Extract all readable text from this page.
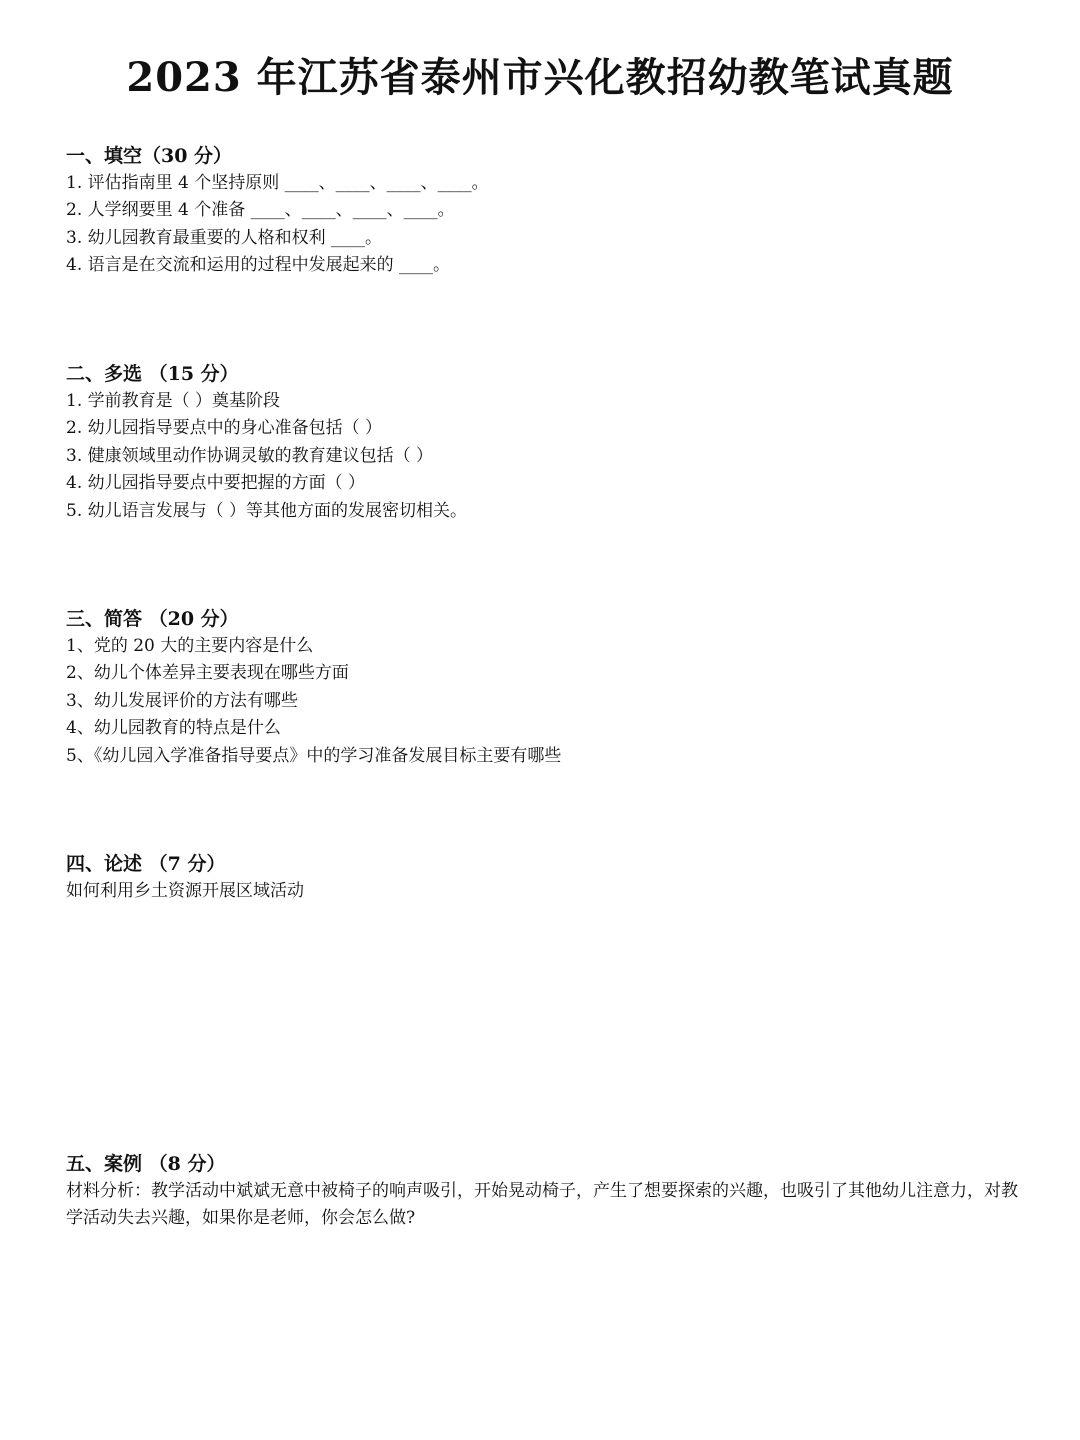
2023 年江苏省泰州市兴化教招幼教笔试真题
一、填空（30 分）
1. 评估指南里 4 个坚持原则 ____、____、____、____。
2. 人学纲要里 4 个准备 ____、____、____、____。
3. 幼儿园教育最重要的人格和权利 ____。
4. 语言是在交流和运用的过程中发展起来的 ____。
二、多选 （15 分）
1. 学前教育是（ ）奠基阶段
2. 幼儿园指导要点中的身心准备包括（ ）
3. 健康领域里动作协调灵敏的教育建议包括（ ）
4. 幼儿园指导要点中要把握的方面（ ）
5. 幼儿语言发展与（ ）等其他方面的发展密切相关。
三、简答 （20 分）
1、党的 20 大的主要内容是什么
2、幼儿个体差异主要表现在哪些方面
3、幼儿发展评价的方法有哪些
4、幼儿园教育的特点是什么
5、《幼儿园入学准备指导要点》中的学习准备发展目标主要有哪些
四、论述 （7 分）
如何利用乡土资源开展区域活动
五、案例 （8 分）
材料分析：教学活动中斌斌无意中被椅子的响声吸引，开始晃动椅子，产生了想要探索的兴趣，也吸引了其他幼儿注意力，对教学活动失去兴趣，如果你是老师，你会怎么做?
